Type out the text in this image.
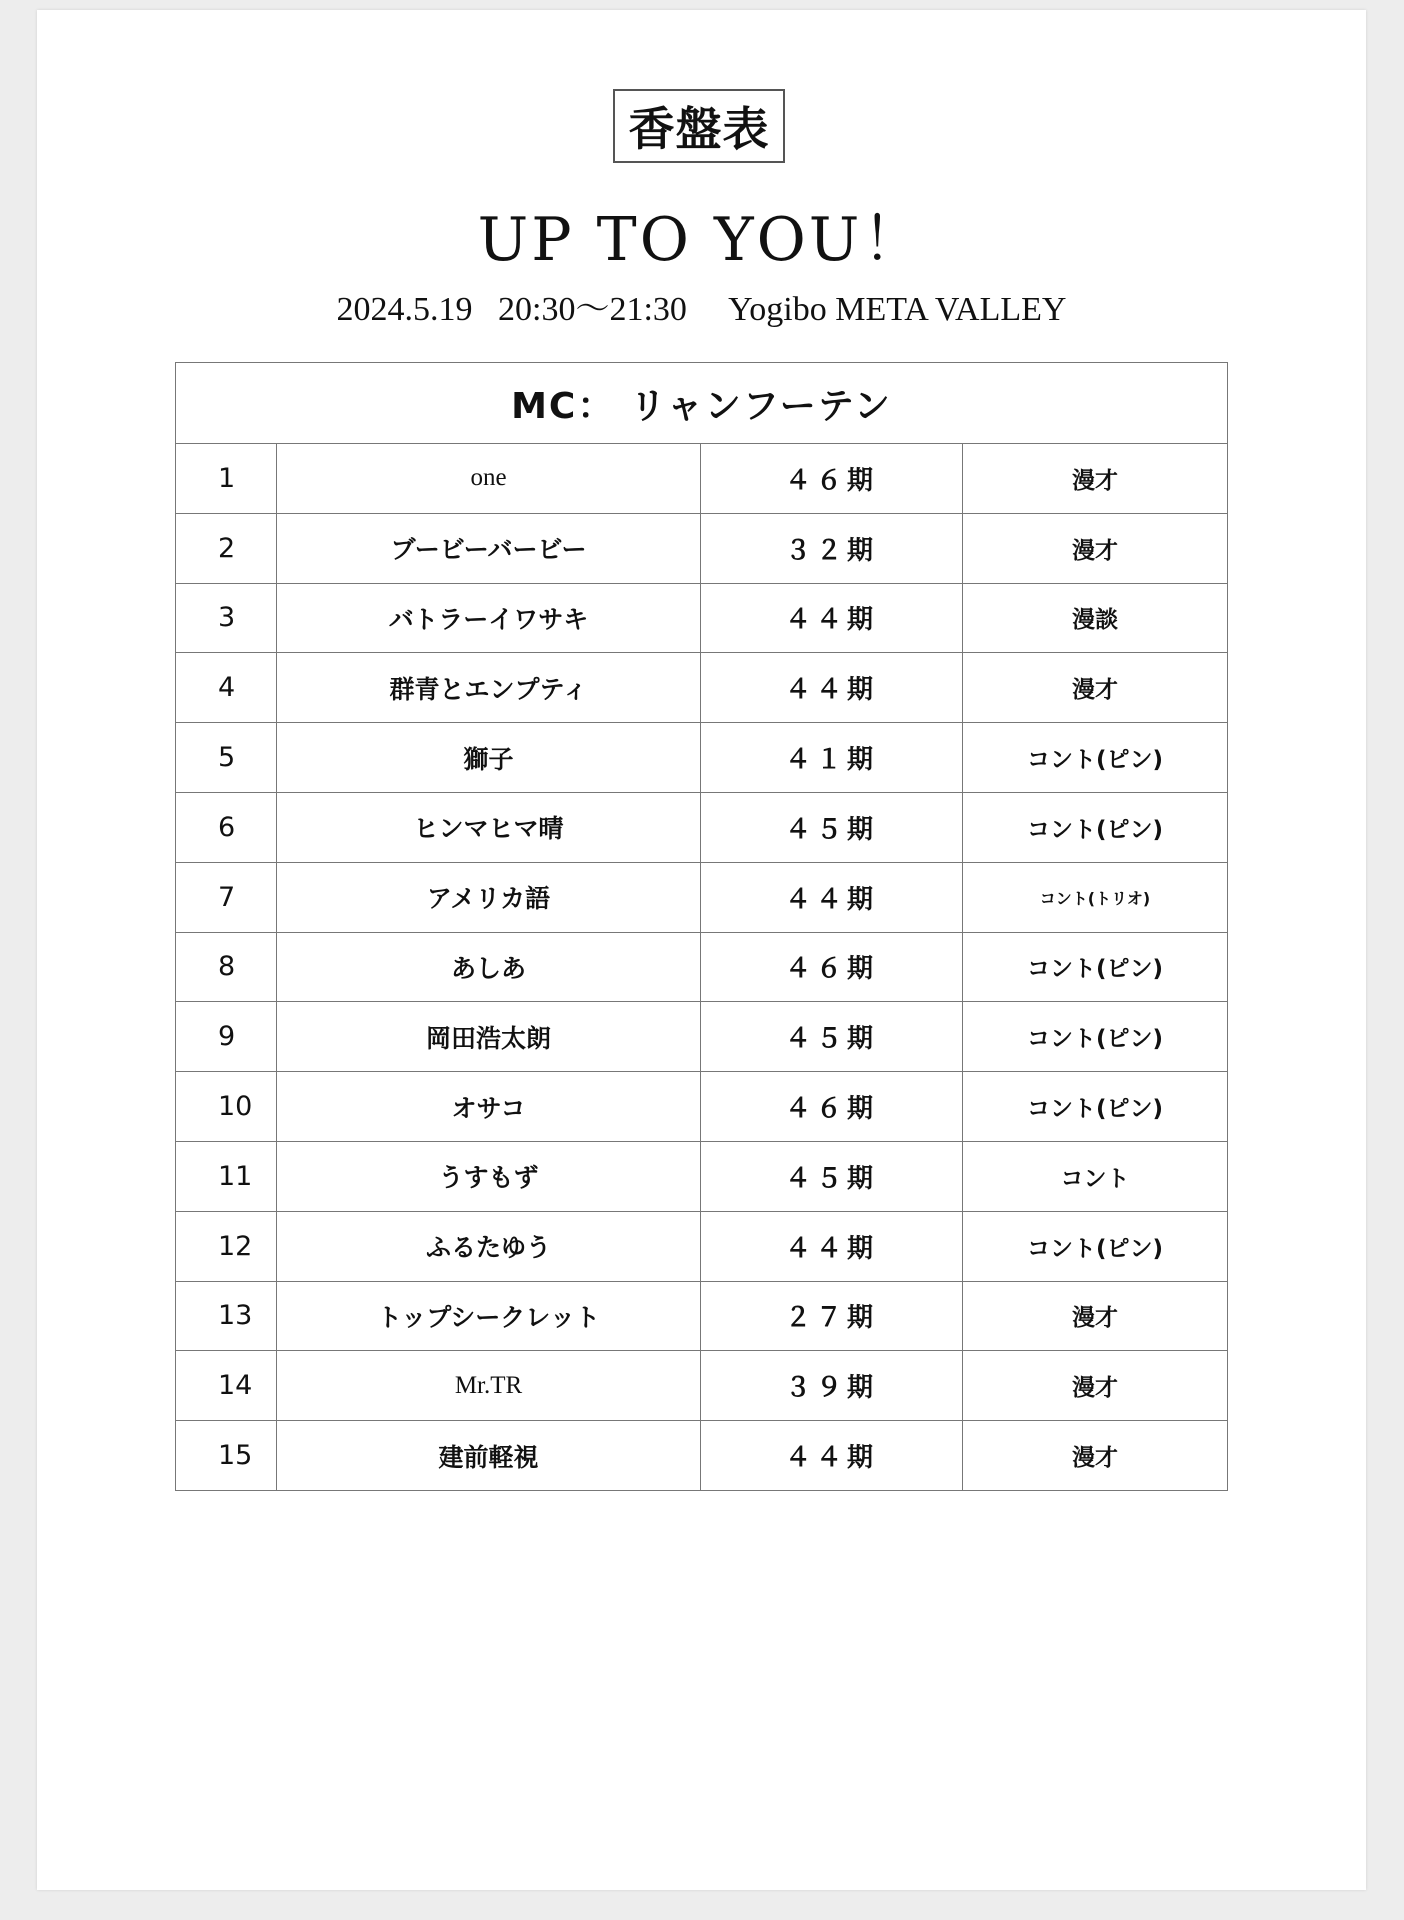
香盤表
UP TO YOU！
2024.5.19   20:30～21:30     Yogibo META VALLEY
MC： リャンフーテン			
1	one	４６期	漫才
2	ブービーバービー	３２期	漫才
3	バトラーイワサキ	４４期	漫談
4	群青とエンプティ	４４期	漫才
5	獅子	４１期	コント(ピン)
6	ヒンマヒマ晴	４５期	コント(ピン)
7	アメリカ語	４４期	コント(トリオ)
8	あしあ	４６期	コント(ピン)
9	岡田浩太朗	４５期	コント(ピン)
10	オサコ	４６期	コント(ピン)
11	うすもず	４５期	コント
12	ふるたゆう	４４期	コント(ピン)
13	トップシークレット	２７期	漫才
14	Mr.TR	３９期	漫才
15	建前軽視	４４期	漫才
